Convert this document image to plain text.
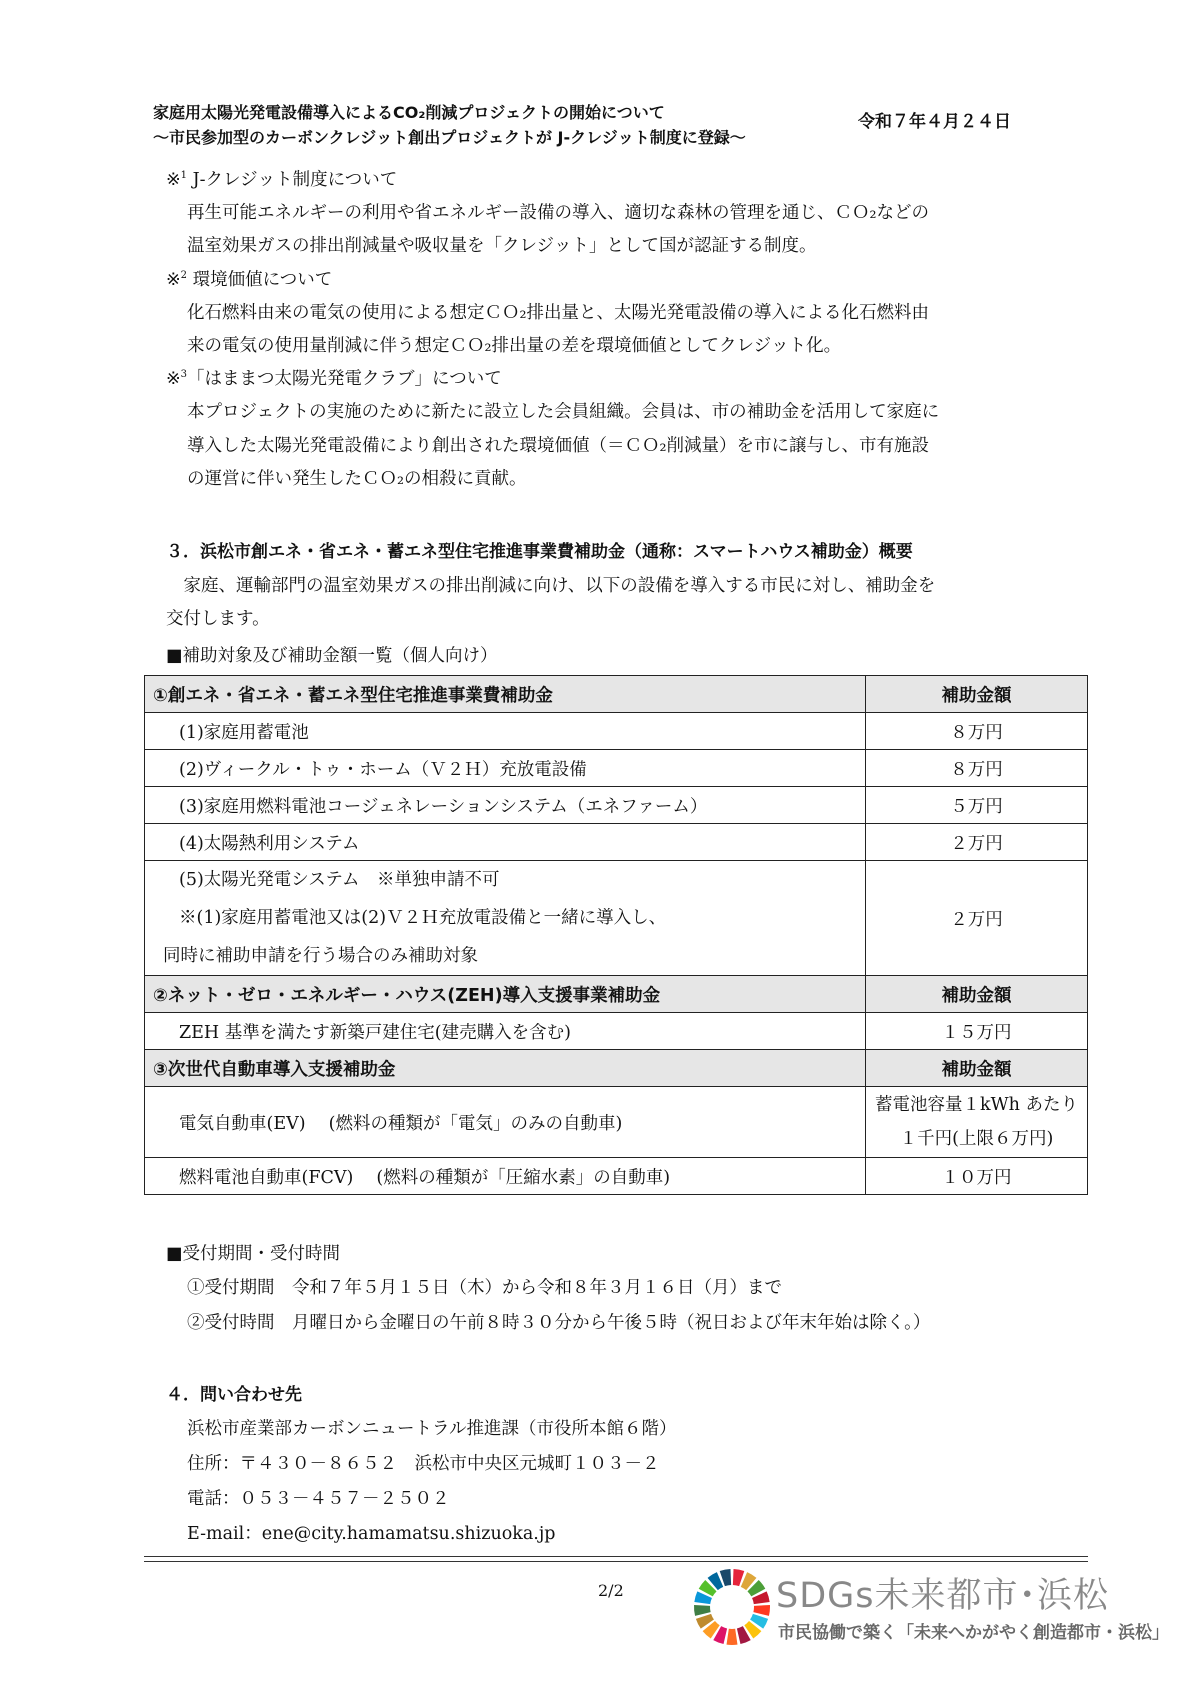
家庭用太陽光発電設備導入によるCO₂削減プロジェクトの開始について
～市民参加型のカーボンクレジット創出プロジェクトが J-クレジット制度に登録～
令和７年４月２４日
※$^1$ J-クレジット制度について
再生可能エネルギーの利用や省エネルギー設備の導入、適切な森林の管理を通じ、ＣＯ₂などの
温室効果ガスの排出削減量や吸収量を「クレジット」として国が認証する制度。
※$^2$ 環境価値について
化石燃料由来の電気の使用による想定ＣＯ₂排出量と、太陽光発電設備の導入による化石燃料由
来の電気の使用量削減に伴う想定ＣＯ₂排出量の差を環境価値としてクレジット化。
※$^3$「はままつ太陽光発電クラブ」について
本プロジェクトの実施のために新たに設立した会員組織。会員は、市の補助金を活用して家庭に
導入した太陽光発電設備により創出された環境価値（＝ＣＯ₂削減量）を市に譲与し、市有施設
の運営に伴い発生したＣＯ₂の相殺に貢献。
３．浜松市創エネ・省エネ・蓄エネ型住宅推進事業費補助金（通称：スマートハウス補助金）概要
　家庭、運輸部門の温室効果ガスの排出削減に向け、以下の設備を導入する市民に対し、補助金を
交付します。
■補助対象及び補助金額一覧（個人向け）
①創エネ・省エネ・蓄エネ型住宅推進事業費補助金	補助金額
(1)家庭用蓄電池	８万円
(2)ヴィークル・トゥ・ホーム（Ｖ２Ｈ）充放電設備	８万円
(3)家庭用燃料電池コージェネレーションシステム（エネファーム）	５万円
(4)太陽熱利用システム	２万円

(5)太陽光発電システム　※単独申請不可
※(1)家庭用蓄電池又は(2)Ｖ２Ｈ充放電設備と一緒に導入し、
同時に補助申請を行う場合のみ補助対象	２万円
②ネット・ゼロ・エネルギー・ハウス(ZEH)導入支援事業補助金	補助金額
ZEH 基準を満たす新築戸建住宅(建売購入を含む)	１５万円
③次世代自動車導入支援補助金	補助金額
電気自動車(EV)　 (燃料の種類が「電気」のみの自動車)	蓄電池容量１kWh あたり
１千円(上限６万円)

燃料電池自動車(FCV)　 (燃料の種類が「圧縮水素」の自動車)	１０万円
■受付期間・受付時間
①受付期間　令和７年５月１５日（木）から令和８年３月１６日（月）まで
②受付時間　月曜日から金曜日の午前８時３０分から午後５時（祝日および年末年始は除く。）
４．問い合わせ先
浜松市産業部カーボンニュートラル推進課（市役所本館６階）
住所：〒４３０－８６５２　浜松市中央区元城町１０３－２
電話：０５３－４５７－２５０２
E-mail：ene@city.hamamatsu.shizuoka.jp
2/2	SDGs未来都市･浜松
市民協働で築く「未来へかがやく創造都市・浜松」
